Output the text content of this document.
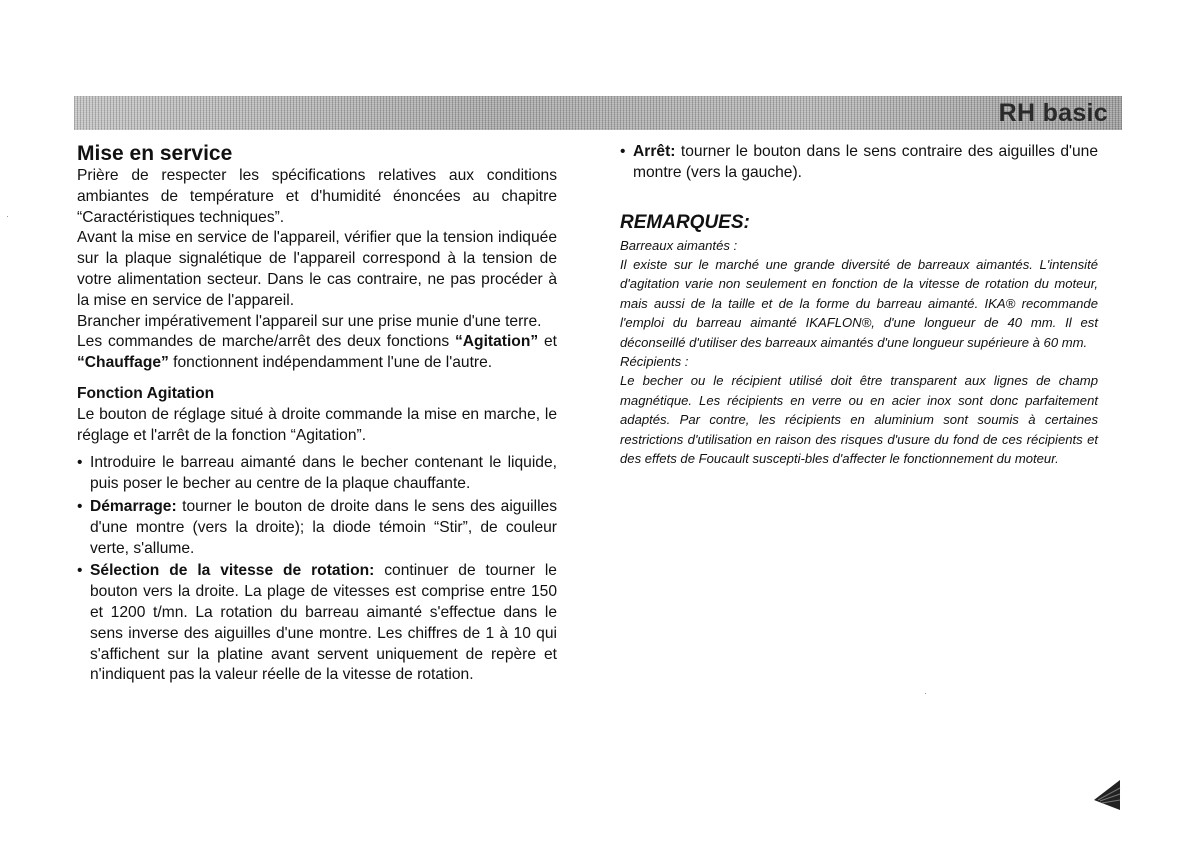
RH basic
Mise en service

Prière de respecter les spécifications relatives aux conditions ambiantes de température et d'humidité énoncées au chapitre “Caractéristiques techniques”.

Avant la mise en service de l'appareil, vérifier que la tension indiquée sur la plaque signalétique de l'appareil correspond à la tension de votre alimentation secteur. Dans le cas contraire, ne pas procéder à la mise en service de l'appareil.

Brancher impérativement l'appareil sur une prise munie d'une terre.

Les commandes de marche/arrêt des deux fonctions “Agitation” et “Chauffage” fonctionnent indépendamment l'une de l'autre.

Fonction Agitation

Le bouton de réglage situé à droite commande la mise en marche, le réglage et l'arrêt de la fonction “Agitation”.

• Introduire le barreau aimanté dans le becher contenant le liquide, puis poser le becher au centre de la plaque chauffante.
• Démarrage: tourner le bouton de droite dans le sens des aiguilles d'une montre (vers la droite); la diode témoin “Stir”, de couleur verte, s'allume.
• Sélection de la vitesse de rotation: continuer de tourner le bouton vers la droite. La plage de vitesses est comprise entre 150 et 1200 t/mn. La rotation du barreau aimanté s'effectue dans le sens inverse des aiguilles d'une montre. Les chiffres de 1 à 10 qui s'affichent sur la platine avant servent uniquement de repère et n'indiquent pas la valeur réelle de la vitesse de rotation.
• Arrêt: tourner le bouton dans le sens contraire des aiguilles d'une montre (vers la gauche).
REMARQUES:

Barreaux aimantés :

Il existe sur le marché une grande diversité de barreaux aimantés. L'intensité d'agitation varie non seulement en fonction de la vitesse de rotation du moteur, mais aussi de la taille et de la forme du barreau aimanté. IKA® recommande l'emploi du barreau aimanté IKAFLON®, d'une longueur de 40 mm. Il est déconseillé d'utiliser des barreaux aimantés d'une longueur supérieure à 60 mm.

Récipients :

Le becher ou le récipient utilisé doit être transparent aux lignes de champ magnétique. Les récipients en verre ou en acier inox sont donc parfaitement adaptés. Par contre, les récipients en aluminium sont soumis à certaines restrictions d'utilisation en raison des risques d'usure du fond de ces récipients et des effets de Foucault suscepti-bles d'affecter le fonctionnement du moteur.
